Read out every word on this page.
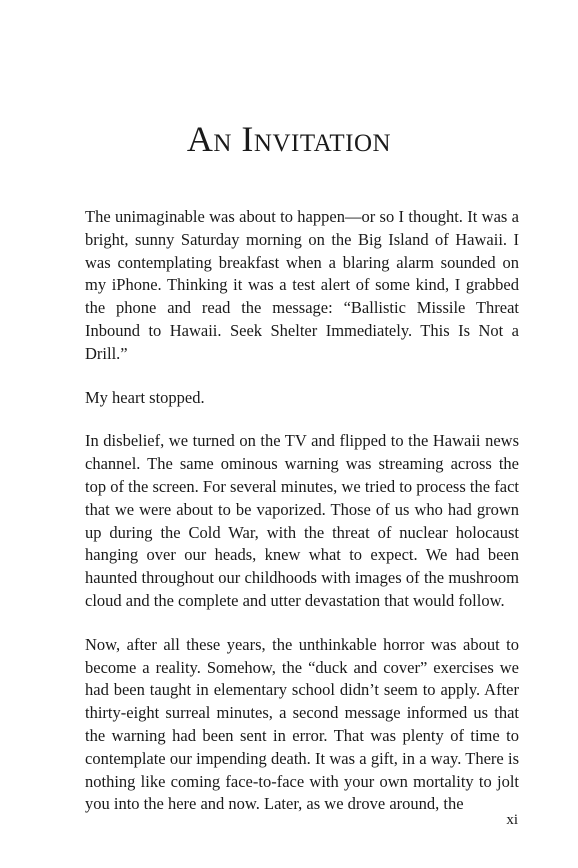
An Invitation

The unimaginable was about to happen—or so I thought. It was a bright, sunny Saturday morning on the Big Island of Hawaii. I was contemplating breakfast when a blaring alarm sounded on my iPhone. Thinking it was a test alert of some kind, I grabbed the phone and read the message: “Ballistic Missile Threat Inbound to Hawaii. Seek Shelter Immediately. This Is Not a Drill.”

My heart stopped.

In disbelief, we turned on the TV and flipped to the Hawaii news channel. The same ominous warning was streaming across the top of the screen. For several minutes, we tried to process the fact that we were about to be vaporized. Those of us who had grown up during the Cold War, with the threat of nuclear holocaust hanging over our heads, knew what to expect. We had been haunted throughout our childhoods with images of the mushroom cloud and the complete and utter devastation that would follow.

Now, after all these years, the unthinkable horror was about to become a reality. Somehow, the “duck and cover” exercises we had been taught in elementary school didn’t seem to apply. After thirty-eight surreal minutes, a second message informed us that the warning had been sent in error. That was plenty of time to contemplate our impending death. It was a gift, in a way. There is nothing like coming face-to-face with your own mortality to jolt you into the here and now. Later, as we drove around, the

xi
